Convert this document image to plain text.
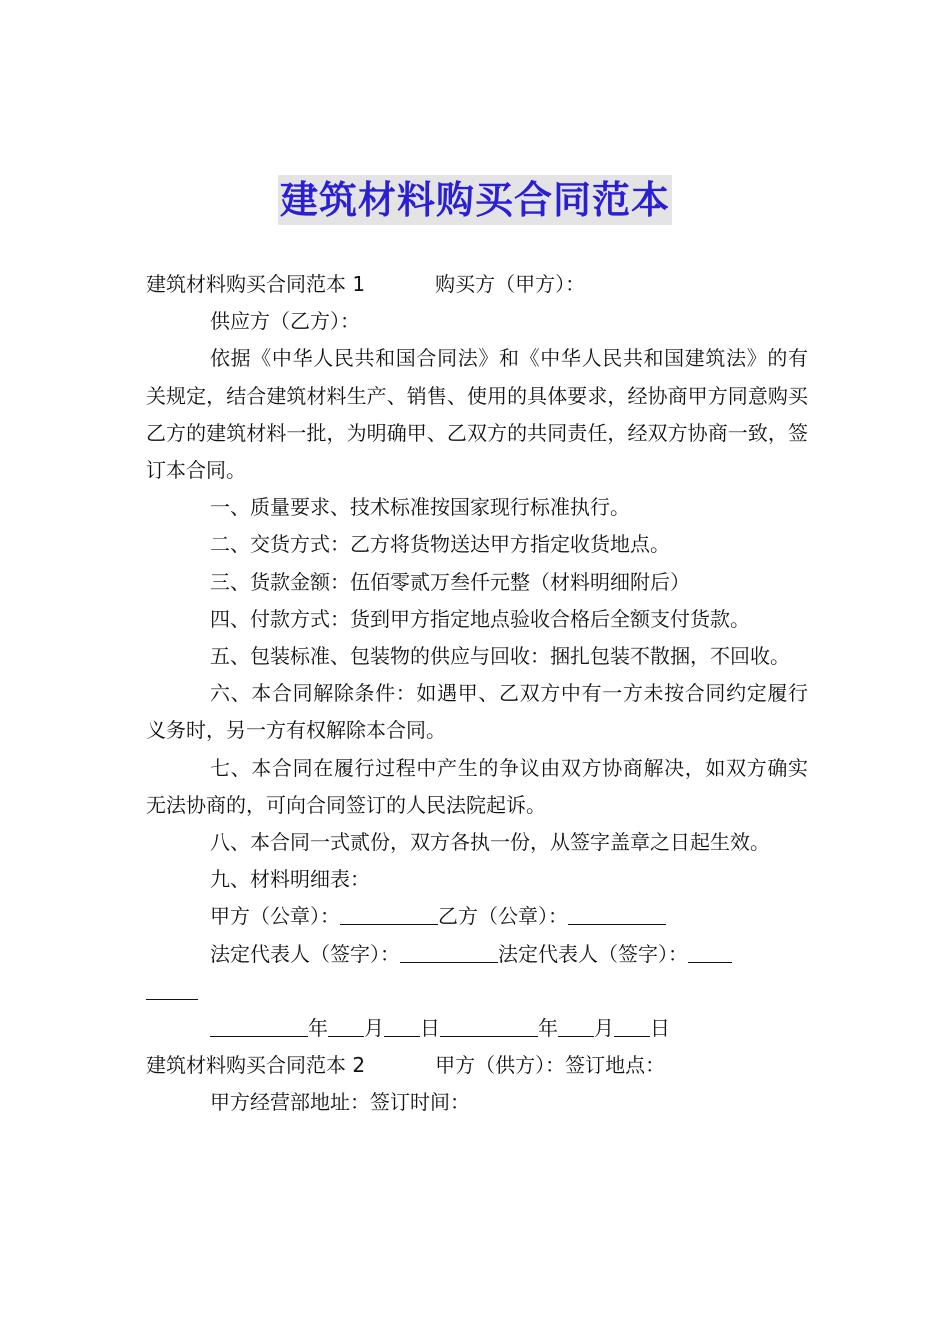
建筑材料购买合同范本

建筑材料购买合同范本 1	购买方（甲方）：

供应方（乙方）：

依据《中华人民共和国合同法》和《中华人民共和国建筑法》的有关规定，结合建筑材料生产、销售、使用的具体要求，经协商甲方同意购买乙方的建筑材料一批，为明确甲、乙双方的共同责任，经双方协商一致，签订本合同。

一、质量要求、技术标准按国家现行标准执行。

二、交货方式：乙方将货物送达甲方指定收货地点。

三、货款金额：伍佰零贰万叁仟元整（材料明细附后）

四、付款方式：货到甲方指定地点验收合格后全额支付货款。

五、包装标准、包装物的供应与回收：捆扎包装不散捆，不回收。

六、本合同解除条件：如遇甲、乙双方中有一方未按合同约定履行义务时，另一方有权解除本合同。

七、本合同在履行过程中产生的争议由双方协商解决，如双方确实无法协商的，可向合同签订的人民法院起诉。

八、本合同一式贰份，双方各执一份，从签字盖章之日起生效。

九、材料明细表：

甲方（公章）：	乙方（公章）：

法定代表人（签字）：	法定代表人（签字）：

年 月 日	年 月 日

建筑材料购买合同范本 2	甲方（供方）：签订地点：

甲方经营部地址：签订时间：
